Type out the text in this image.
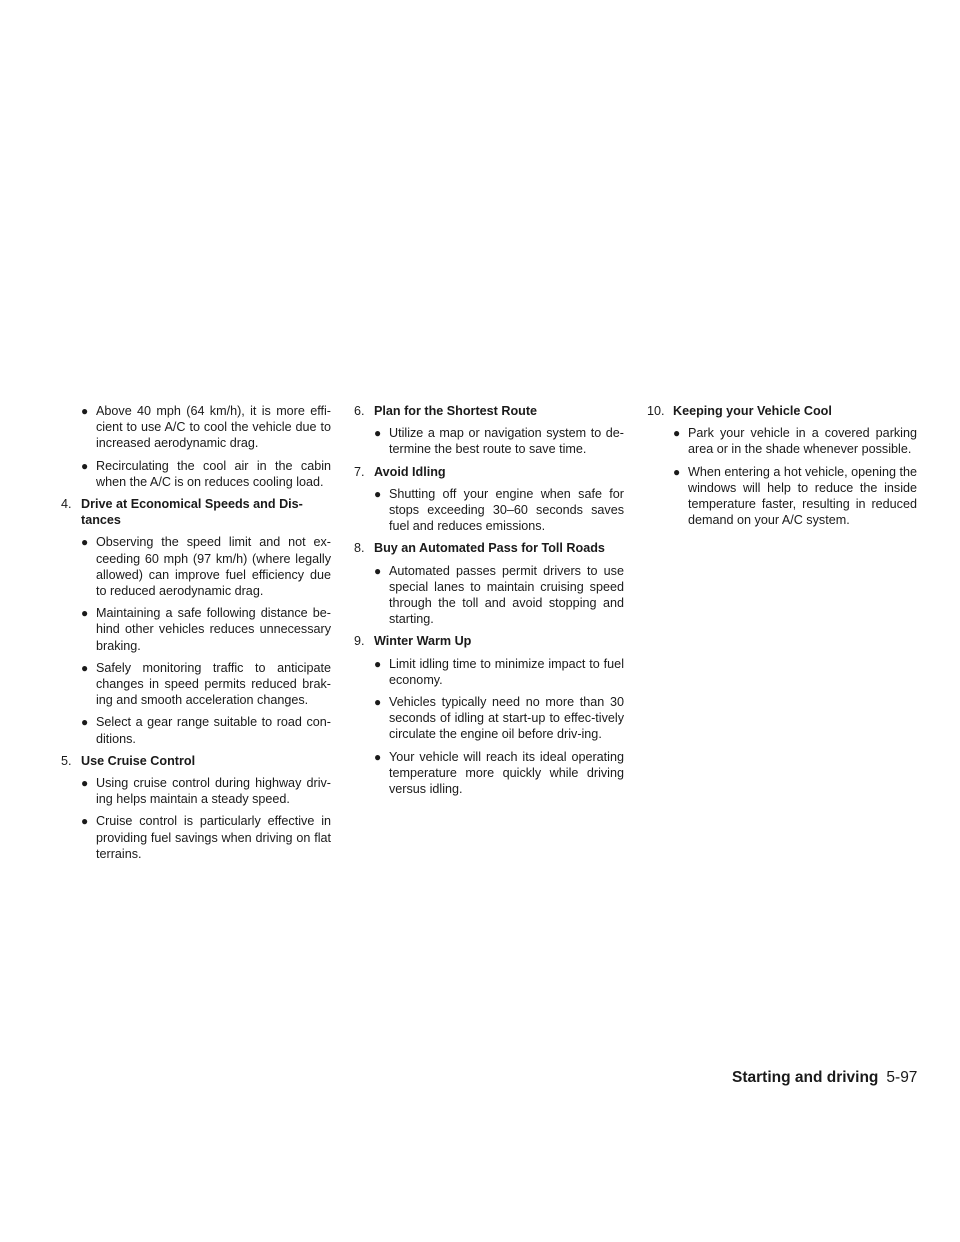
● Above 40 mph (64 km/h), it is more effi-cient to use A/C to cool the vehicle due to increased aerodynamic drag.
● Recirculating the cool air in the cabin when the A/C is on reduces cooling load.
4. Drive at Economical Speeds and Dis-tances
● Observing the speed limit and not ex-ceeding 60 mph (97 km/h) (where legally allowed) can improve fuel efficiency due to reduced aerodynamic drag.
● Maintaining a safe following distance be-hind other vehicles reduces unnecessary braking.
● Safely monitoring traffic to anticipate changes in speed permits reduced brak-ing and smooth acceleration changes.
● Select a gear range suitable to road con-ditions.
5. Use Cruise Control
● Using cruise control during highway driv-ing helps maintain a steady speed.
● Cruise control is particularly effective in providing fuel savings when driving on flat terrains.
6. Plan for the Shortest Route
● Utilize a map or navigation system to de-termine the best route to save time.
7. Avoid Idling
● Shutting off your engine when safe for stops exceeding 30–60 seconds saves fuel and reduces emissions.
8. Buy an Automated Pass for Toll Roads
● Automated passes permit drivers to use special lanes to maintain cruising speed through the toll and avoid stopping and starting.
9. Winter Warm Up
● Limit idling time to minimize impact to fuel economy.
● Vehicles typically need no more than 30 seconds of idling at start-up to effec-tively circulate the engine oil before driv-ing.
● Your vehicle will reach its ideal operating temperature more quickly while driving versus idling.
10. Keeping your Vehicle Cool
● Park your vehicle in a covered parking area or in the shade whenever possible.
● When entering a hot vehicle, opening the windows will help to reduce the inside temperature faster, resulting in reduced demand on your A/C system.
Starting and driving 5-97
